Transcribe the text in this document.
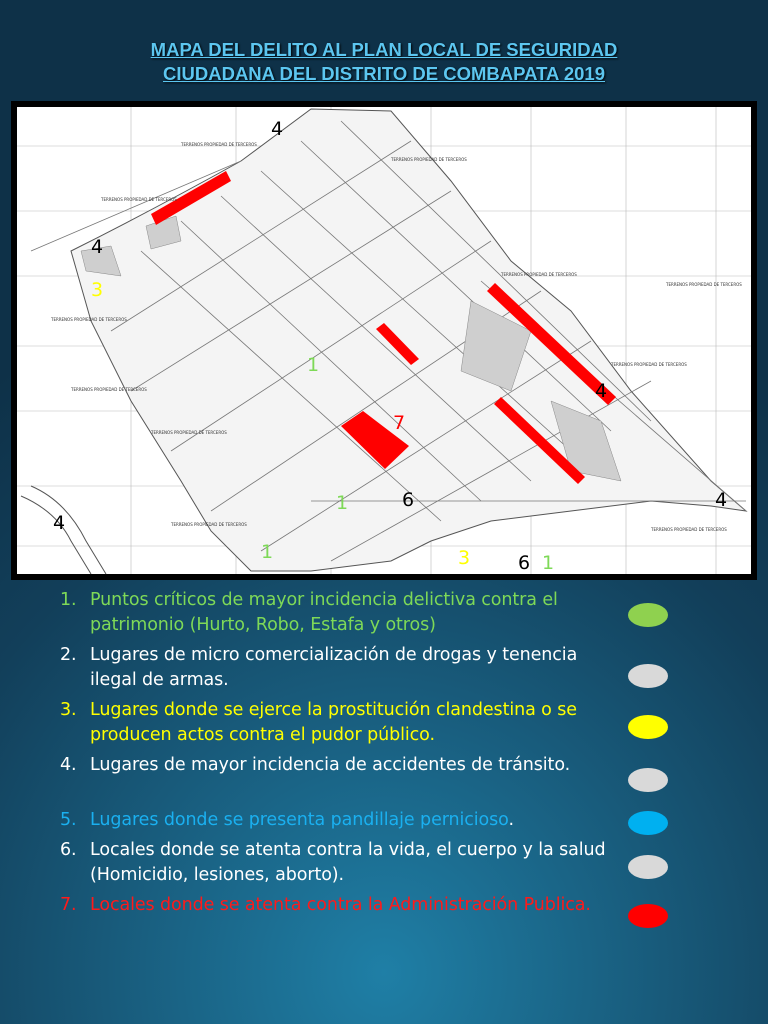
MAPA DEL DELITO AL PLAN LOCAL DE SEGURIDAD
CIUDADANA DEL DISTRITO DE COMBAPATA 2019
TERRENOS PROPIEDAD DE TERCEROS
TERRENOS PROPIEDAD DE TERCEROS
TERRENOS PROPIEDAD DE TERCEROS
TERRENOS PROPIEDAD DE TERCEROS
TERRENOS PROPIEDAD DE TERCEROS
TERRENOS PROPIEDAD DE TERCEROS
TERRENOS PROPIEDAD DE TERCEROS
TERRENOS PROPIEDAD DE TERCEROS
TERRENOS PROPIEDAD DE TERCEROS
TERRENOS PROPIEDAD DE TERCEROS
TERRENOS PROPIEDAD DE TERCEROS
4
4
3
1
7
4
4
1	6
4
1	3	6 1
1. Puntos críticos de mayor incidencia delictiva contra el patrimonio (Hurto, Robo, Estafa y otros)
2. Lugares de micro comercialización de drogas y tenencia ilegal de armas.
3. Lugares donde se ejerce la prostitución clandestina o se producen actos contra el pudor público.
4. Lugares de mayor incidencia de accidentes de tránsito.
5. Lugares donde se presenta pandillaje pernicioso.
6. Locales donde se atenta contra la vida, el cuerpo y la salud (Homicidio, lesiones, aborto).
7. Locales donde se atenta contra la Administración Publica.
